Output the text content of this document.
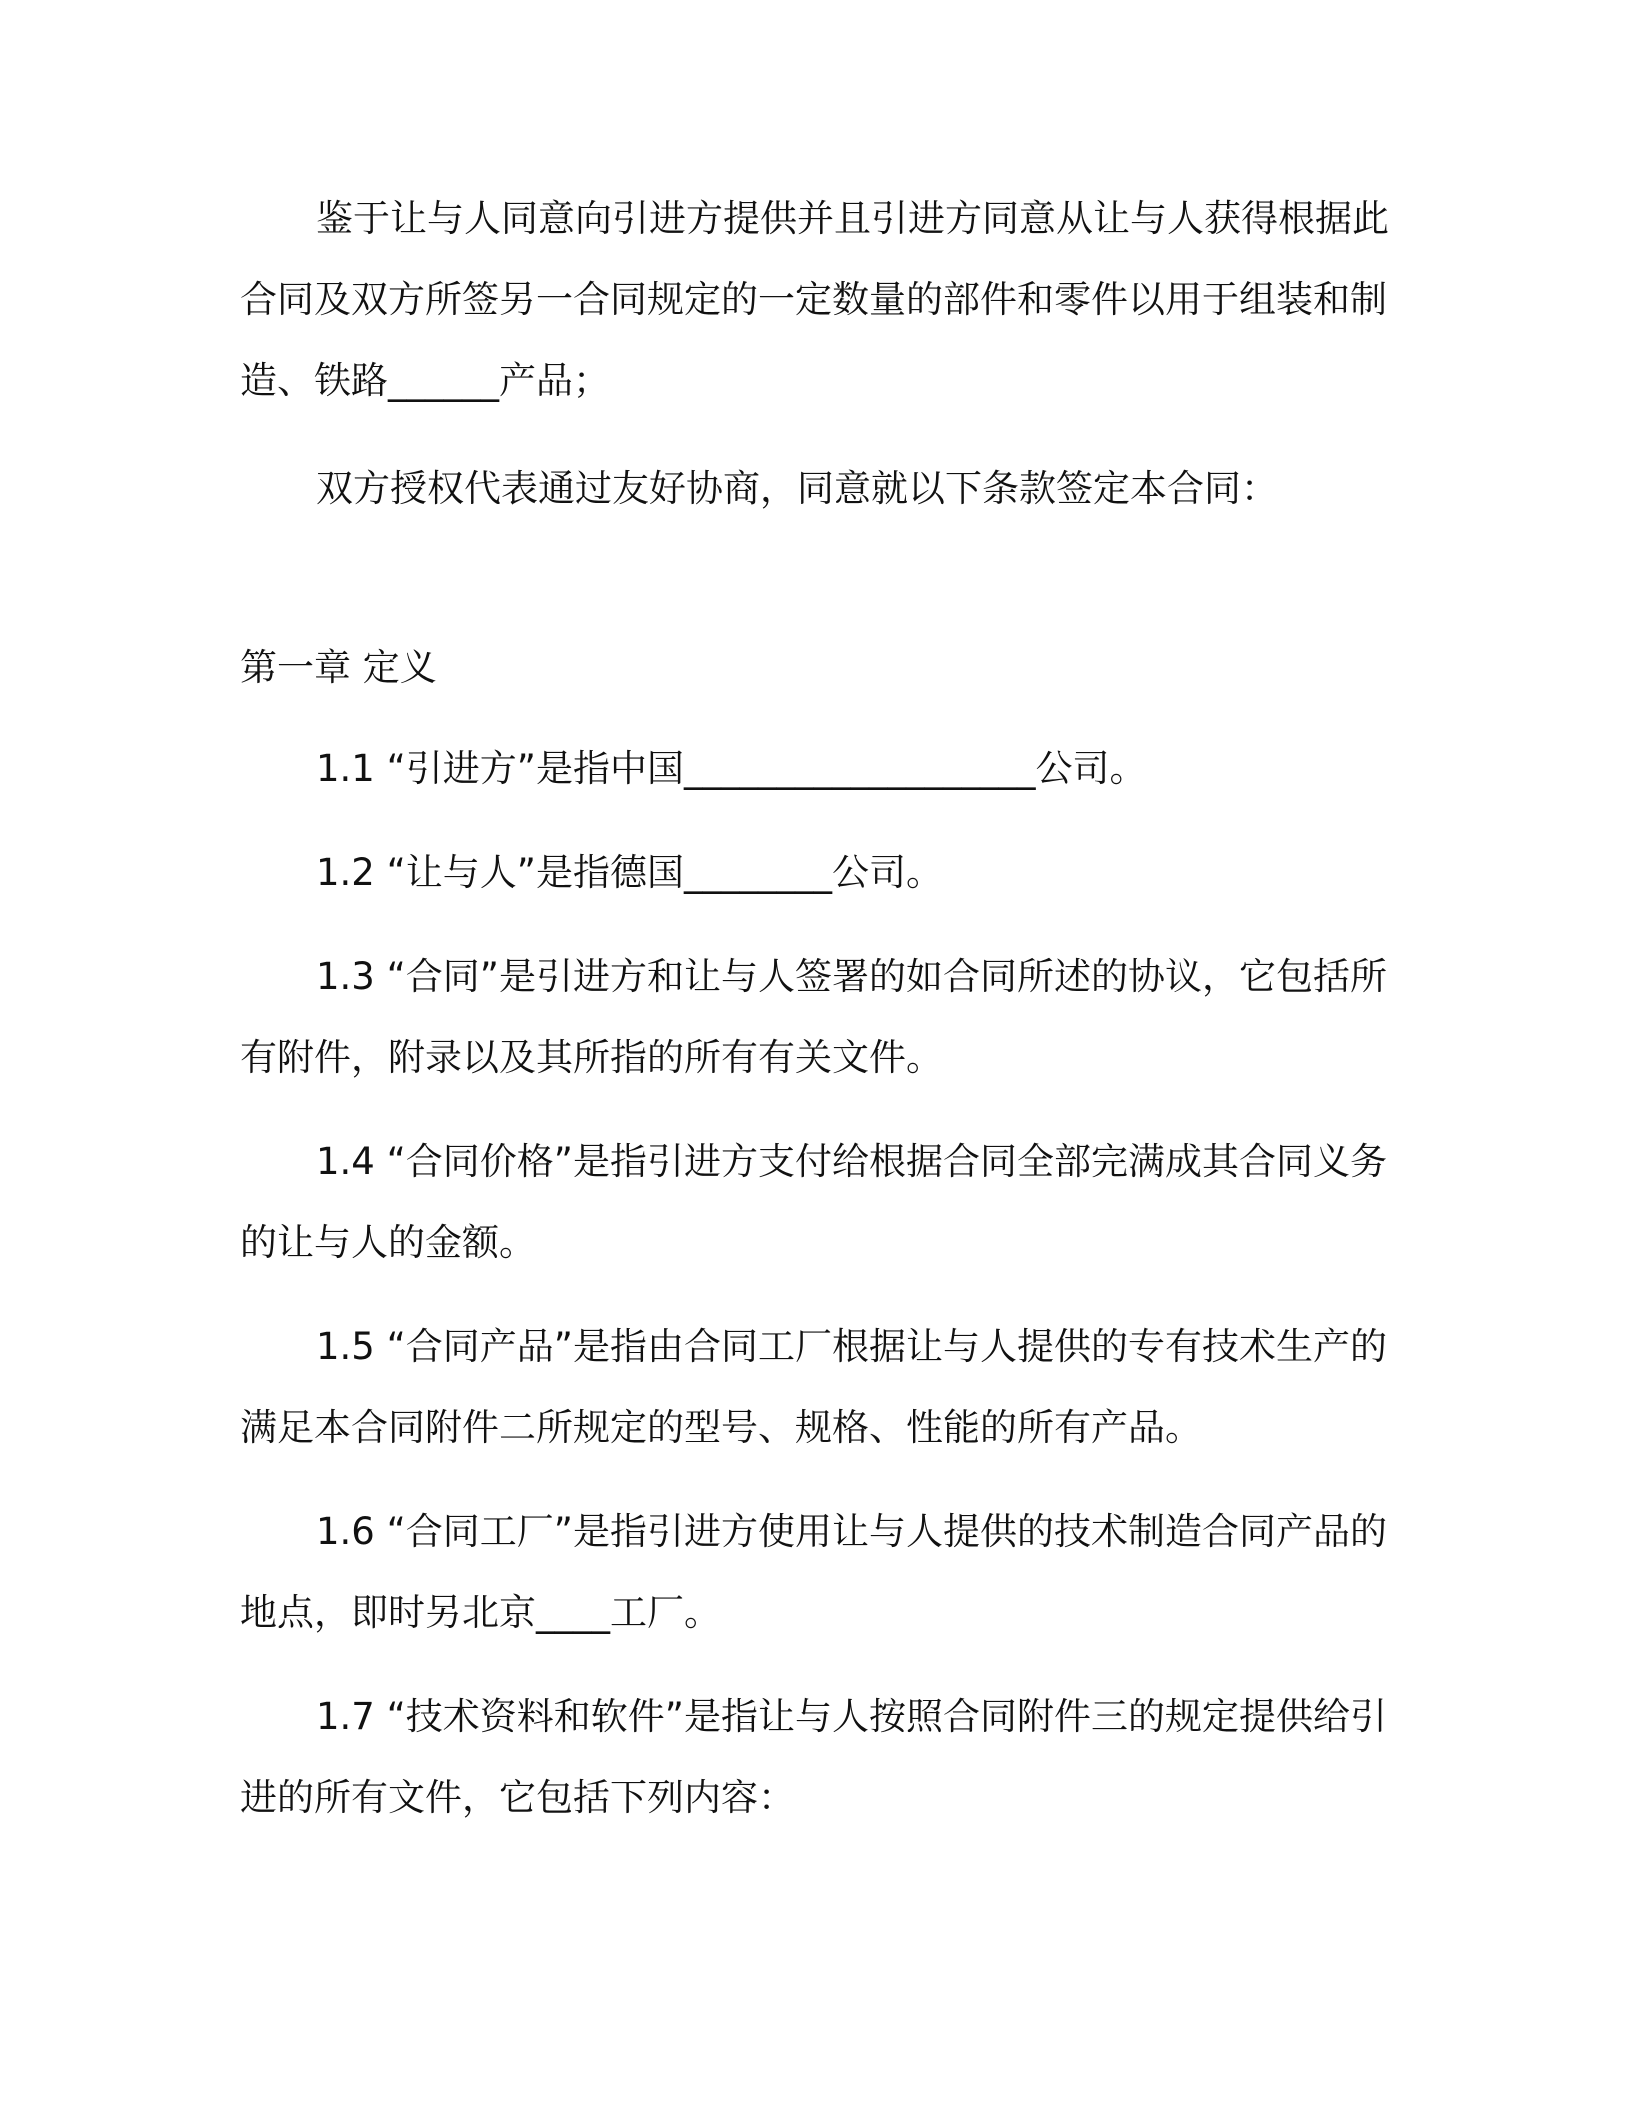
鉴于让与人同意向引进方提供并且引进方同意从让与人获得根据此合同及双方所签另一合同规定的一定数量的部件和零件以用于组装和制造、铁路______产品；

双方授权代表通过友好协商，同意就以下条款签定本合同：

第一章 定义

1.1 “引进方”是指中国___________________公司。

1.2 “让与人”是指德国________公司。

1.3 “合同”是引进方和让与人签署的如合同所述的协议，它包括所有附件，附录以及其所指的所有有关文件。

1.4 “合同价格”是指引进方支付给根据合同全部完满成其合同义务的让与人的金额。

1.5 “合同产品”是指由合同工厂根据让与人提供的专有技术生产的满足本合同附件二所规定的型号、规格、性能的所有产品。

1.6 “合同工厂”是指引进方使用让与人提供的技术制造合同产品的地点，即时另北京____工厂。

1.7 “技术资料和软件”是指让与人按照合同附件三的规定提供给引进的所有文件，它包括下列内容：
